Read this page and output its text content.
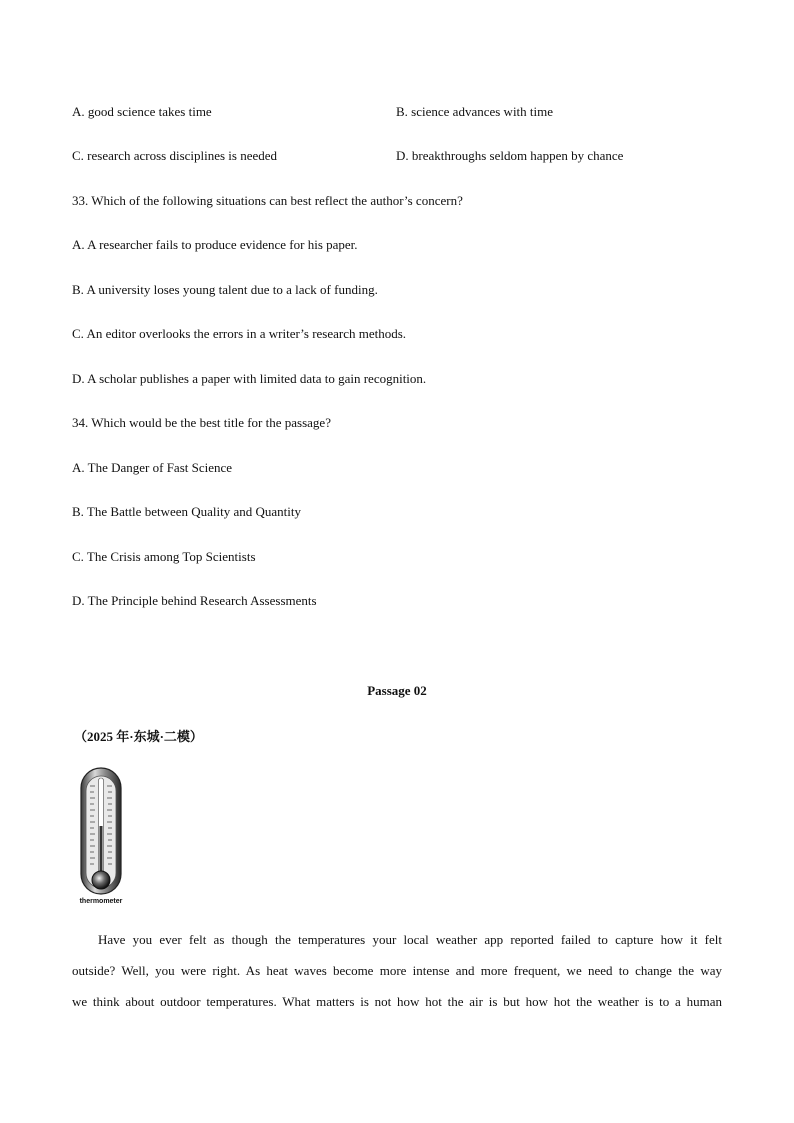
A. good science takes time	B. science advances with time
C. research across disciplines is needed	D. breakthroughs seldom happen by chance
33. Which of the following situations can best reflect the author’s concern?
A. A researcher fails to produce evidence for his paper.
B. A university loses young talent due to a lack of funding.
C. An editor overlooks the errors in a writer’s research methods.
D. A scholar publishes a paper with limited data to gain recognition.
34. Which would be the best title for the passage?
A. The Danger of Fast Science
B. The Battle between Quality and Quantity
C. The Crisis among Top Scientists
D. The Principle behind Research Assessments
Passage 02
（2025 年·东城·二模）
thermometer
Have you ever felt as though the temperatures your local weather app reported failed to capture how it felt
outside? Well, you were right. As heat waves become more intense and more frequent, we need to change the way
we think about outdoor temperatures. What matters is not how hot the air is but how hot the weather is to a human
